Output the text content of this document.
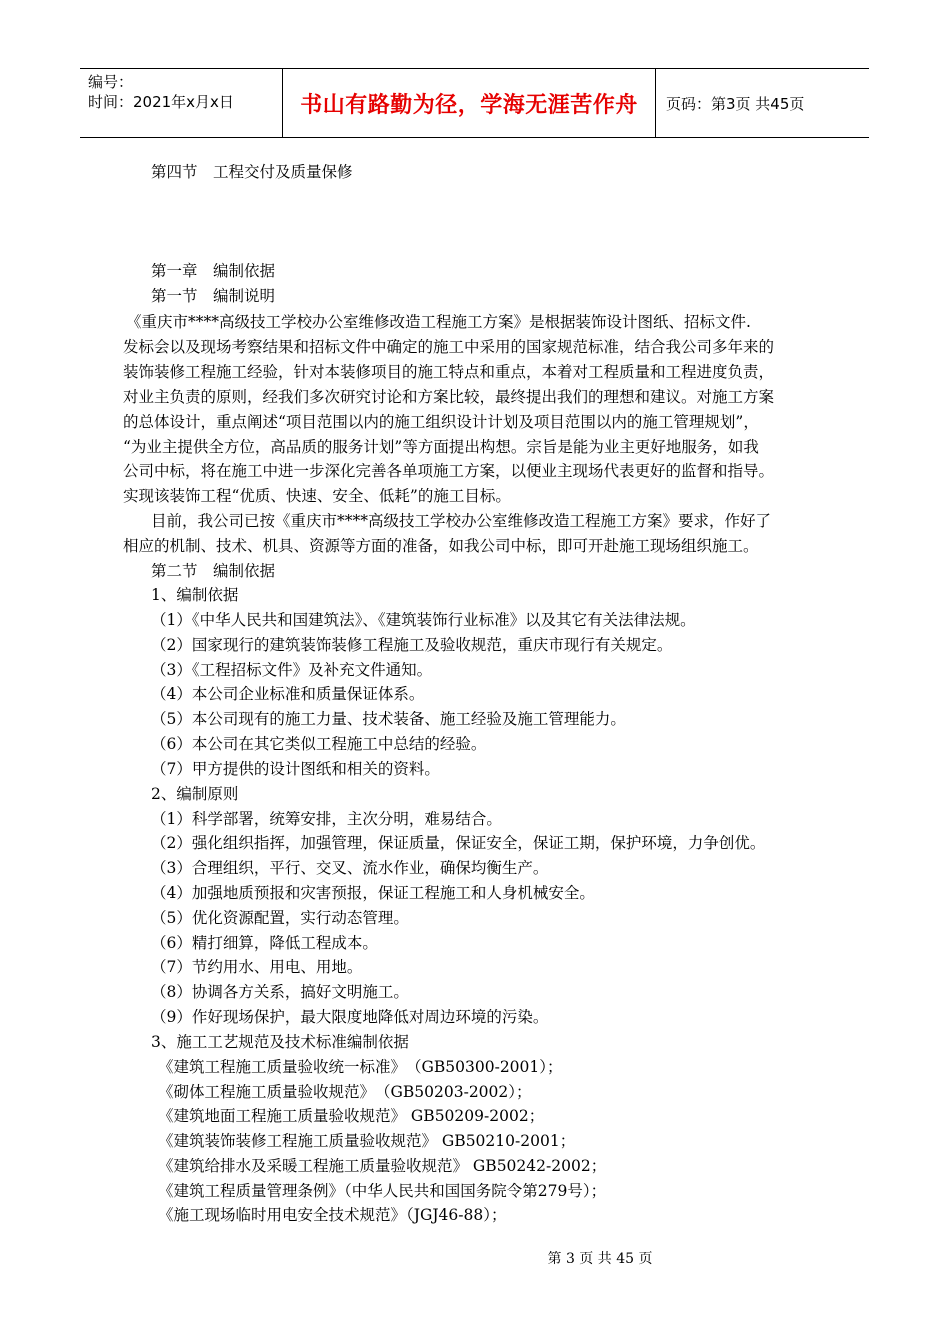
编号：
时间：2021年x月x日	书山有路勤为径，学海无涯苦作舟	页码：第3页 共45页
第四节　工程交付及质量保修
第一章　编制依据
第一节　编制说明
《重庆市****高级技工学校办公室维修改造工程施工方案》是根据装饰设计图纸、招标文件.
发标会以及现场考察结果和招标文件中确定的施工中采用的国家规范标准，结合我公司多年来的
装饰装修工程施工经验，针对本装修项目的施工特点和重点，本着对工程质量和工程进度负责，
对业主负责的原则，经我们多次研究讨论和方案比较，最终提出我们的理想和建议。对施工方案
的总体设计，重点阐述“项目范围以内的施工组织设计计划及项目范围以内的施工管理规划”，
“为业主提供全方位，高品质的服务计划”等方面提出构想。宗旨是能为业主更好地服务，如我
公司中标，将在施工中进一步深化完善各单项施工方案，以便业主现场代表更好的监督和指导。
实现该装饰工程“优质、快速、安全、低耗”的施工目标。
目前，我公司已按《重庆市****高级技工学校办公室维修改造工程施工方案》要求，作好了
相应的机制、技术、机具、资源等方面的准备，如我公司中标，即可开赴施工现场组织施工。
第二节　编制依据
1、编制依据
（1）《中华人民共和国建筑法》、《建筑装饰行业标准》以及其它有关法律法规。
（2）国家现行的建筑装饰装修工程施工及验收规范，重庆市现行有关规定。
（3）《工程招标文件》及补充文件通知。
（4）本公司企业标准和质量保证体系。
（5）本公司现有的施工力量、技术装备、施工经验及施工管理能力。
（6）本公司在其它类似工程施工中总结的经验。
（7）甲方提供的设计图纸和相关的资料。
2、编制原则
（1）科学部署，统筹安排，主次分明，难易结合。
（2）强化组织指挥，加强管理，保证质量，保证安全，保证工期，保护环境，力争创优。
（3）合理组织，平行、交叉、流水作业，确保均衡生产。
（4）加强地质预报和灾害预报，保证工程施工和人身机械安全。
（5）优化资源配置，实行动态管理。
（6）精打细算，降低工程成本。
（7）节约用水、用电、用地。
（8）协调各方关系，搞好文明施工。
（9）作好现场保护，最大限度地降低对周边环境的污染。
3、施工工艺规范及技术标准编制依据
《建筑工程施工质量验收统一标准》　（GB50300-2001）；
《砌体工程施工质量验收规范》　（GB50203-2002）；
《建筑地面工程施工质量验收规范》 GB50209-2002；
《建筑装饰装修工程施工质量验收规范》 GB50210-2001；
《建筑给排水及采暖工程施工质量验收规范》 GB50242-2002；
《建筑工程质量管理条例》（中华人民共和国国务院令第279号）；
《施工现场临时用电安全技术规范》（JGJ46-88）；
第 3 页 共 45 页
